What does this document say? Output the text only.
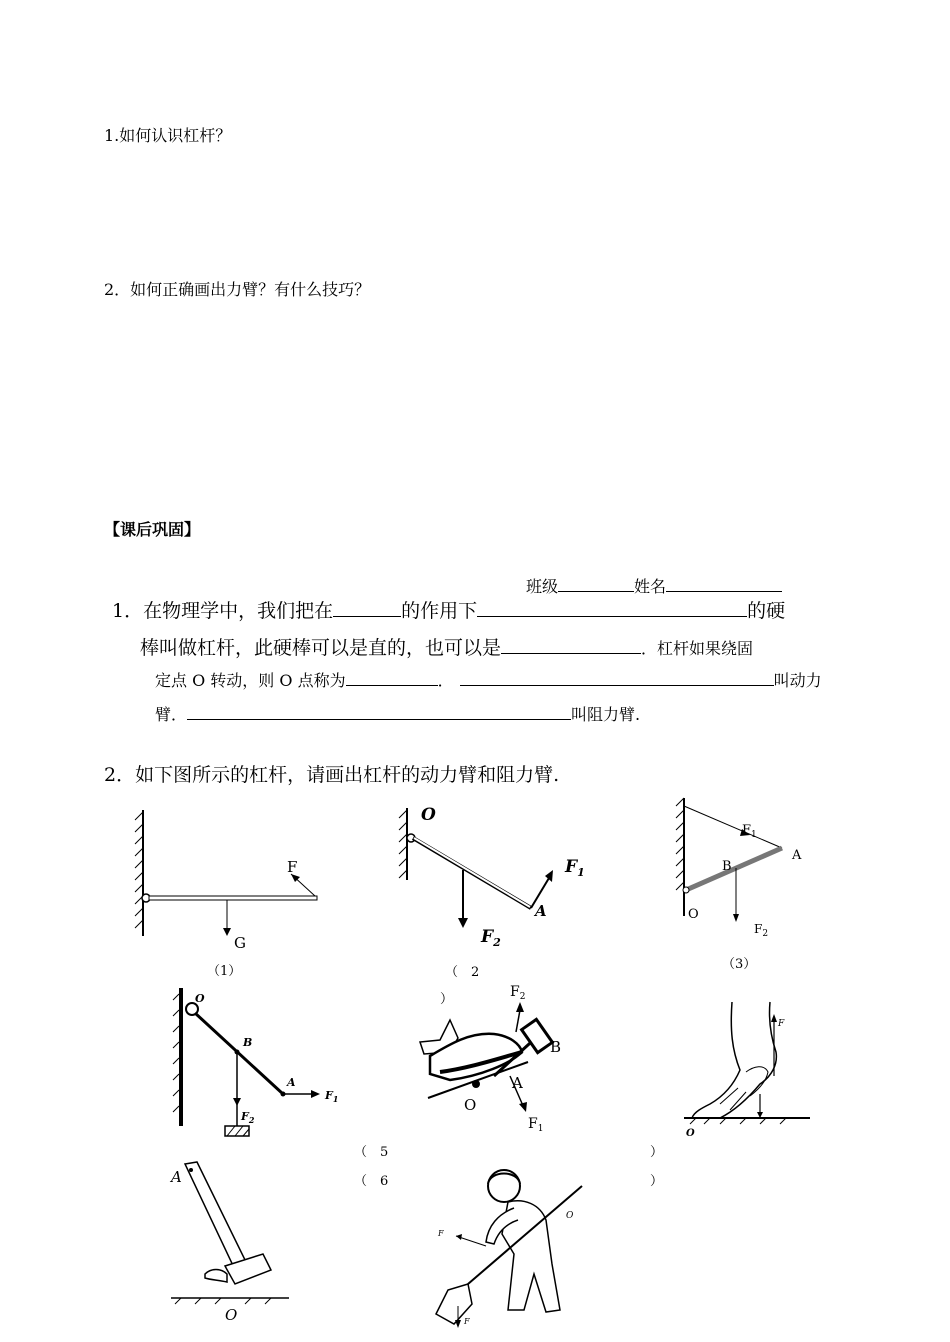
1.如何认识杠杆？
2．如何正确画出力臂？有什么技巧？
【课后巩固】
班级	姓名
1．在物理学中，我们把在	的作用下	的硬
棒叫做杠杆，此硬棒可以是直的，也可以是	．杠杆如果绕固
定点 O 转动，则 O 点称为	．	叫动力
臂．	叫阻力臂.
2．如下图所示的杠杆，请画出杠杆的动力臂和阻力臂.
F
G
（1）
O
$F_1$
$F_2$
A
（　2
）
$F_1$
A
B
O
$F_2$
（3）
O
B
A
$F_1$
$F_2$
（　5	）
$F_2$
B
A
O
$F_1$
F
O
（　6	）
A
O
F
F
O
